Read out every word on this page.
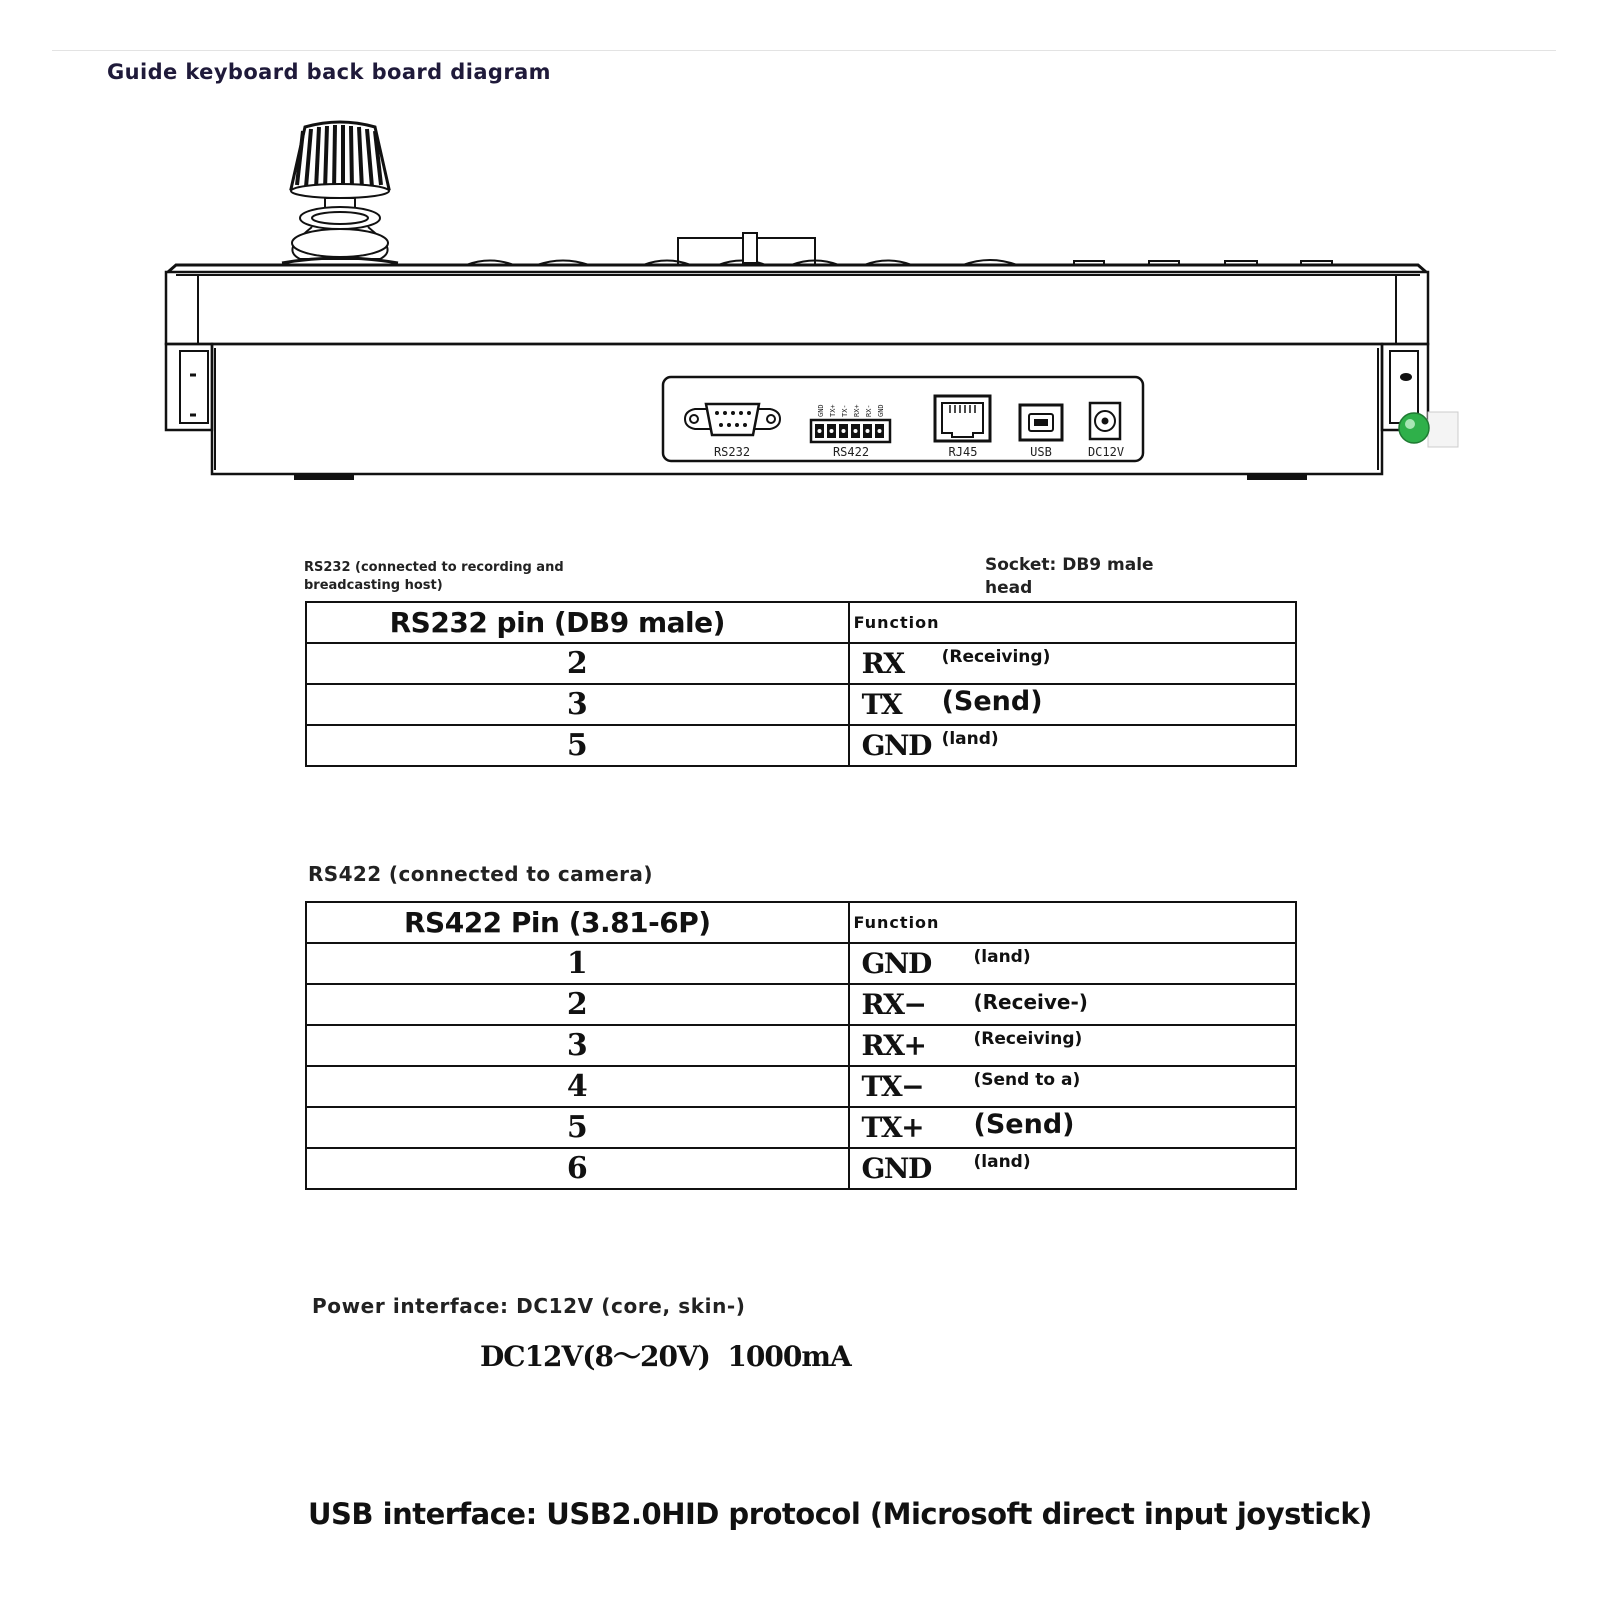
Guide keyboard back board diagram
RS232	RS422	RJ45	USB	DC12V
GND TX+ TX- RX+ RX- GND
RS232 (connected to recording and
breadcasting host)
Socket: DB9 male
head
RS232 pin (DB9 male)	Function
2	RX (Receiving)
3	TX (Send)
5	GND (land)
RS422 (connected to camera)
RS422 Pin (3.81-6P)	Function
1	GND (land)
2	RX− (Receive-)
3	RX+ (Receiving)
4	TX− (Send to a)
5	TX+ (Send)
6	GND (land)
Power interface: DC12V (core, skin-)
DC12V(8～20V)  1000mA
USB interface: USB2.0HID protocol (Microsoft direct input joystick)
